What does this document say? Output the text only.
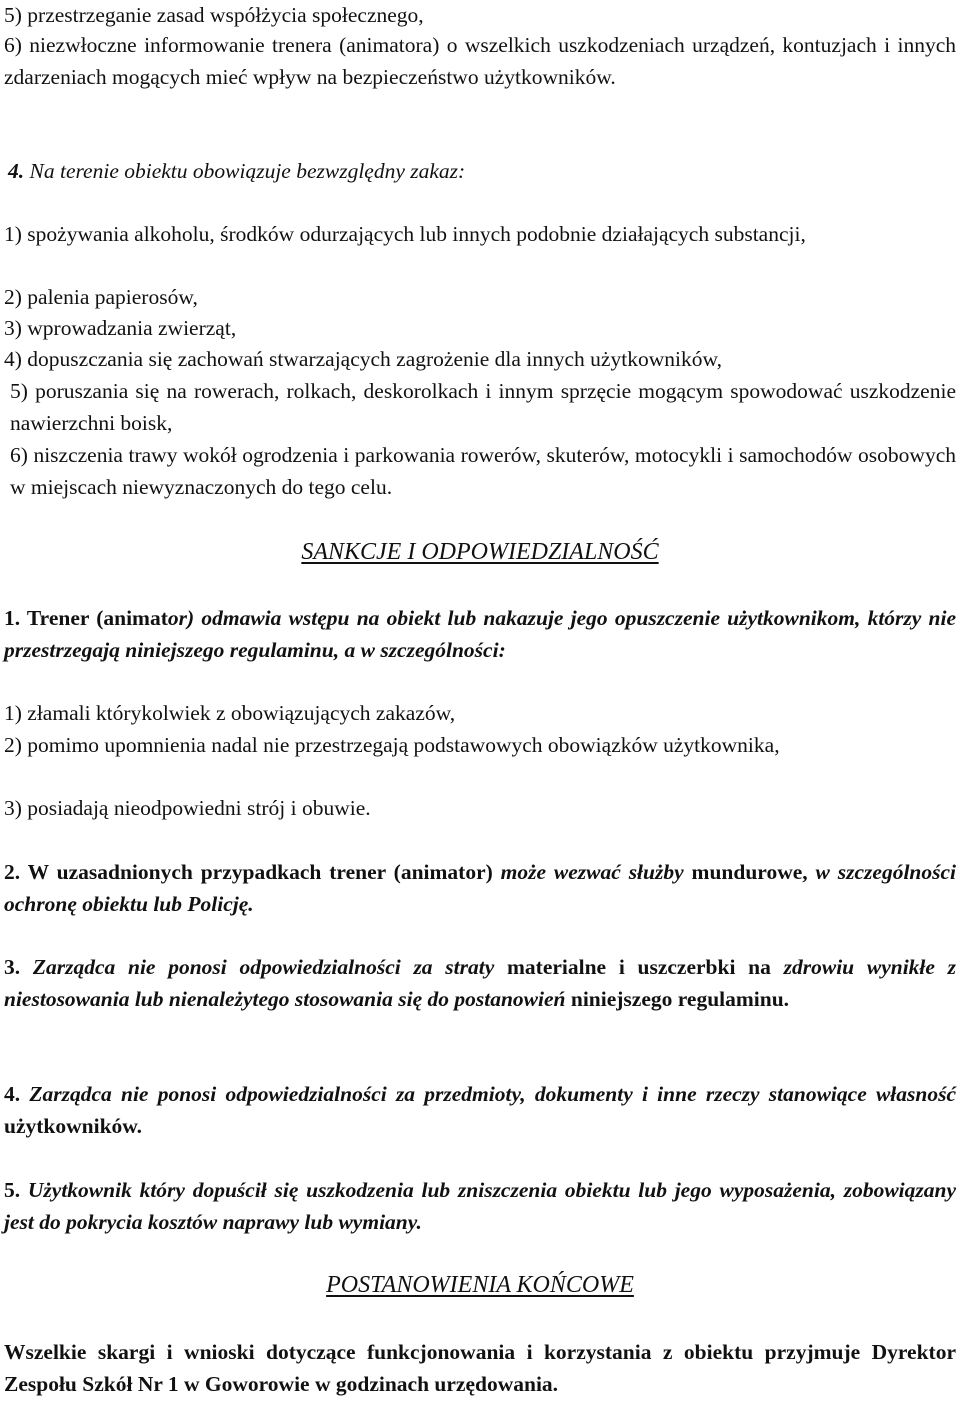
5) przestrzeganie zasad współżycia społecznego,

6) niezwłoczne informowanie trenera (animatora) o wszelkich uszkodzeniach urządzeń, kontuzjach i innych zdarzeniach mogących mieć wpływ na bezpieczeństwo użytkowników.

4. Na terenie obiektu obowiązuje bezwzględny zakaz:

1) spożywania alkoholu, środków odurzających lub innych podobnie działających substancji,

2) palenia papierosów,

3) wprowadzania zwierząt,

4) dopuszczania się zachowań stwarzających zagrożenie dla innych użytkowników,

5) poruszania się na rowerach, rolkach, deskorolkach i innym sprzęcie mogącym spowodować uszkodzenie nawierzchni boisk,

6) niszczenia trawy wokół ogrodzenia i parkowania rowerów, skuterów, motocykli i samochodów osobowych w miejscach niewyznaczonych do tego celu.

SANKCJE I ODPOWIEDZIALNOŚĆ

1. Trener (animator) odmawia wstępu na obiekt lub nakazuje jego opuszczenie użytkownikom, którzy nie przestrzegają niniejszego regulaminu, a w szczególności:

1) złamali którykolwiek z obowiązujących zakazów,

2) pomimo upomnienia nadal nie przestrzegają podstawowych obowiązków użytkownika,

3) posiadają nieodpowiedni strój i obuwie.

2. W uzasadnionych przypadkach trener (animator) może wezwać służby mundurowe, w szczególności ochronę obiektu lub Policję.

3. Zarządca nie ponosi odpowiedzialności za straty materialne i uszczerbki na zdrowiu wynikłe z niestosowania lub nienależytego stosowania się do postanowień niniejszego regulaminu.

4. Zarządca nie ponosi odpowiedzialności za przedmioty, dokumenty i inne rzeczy stanowiące własność użytkowników.

5. Użytkownik który dopuścił się uszkodzenia lub zniszczenia obiektu lub jego wyposażenia, zobowiązany jest do pokrycia kosztów naprawy lub wymiany.

POSTANOWIENIA KOŃCOWE

Wszelkie skargi i wnioski dotyczące funkcjonowania i korzystania z obiektu przyjmuje Dyrektor Zespołu Szkół Nr 1 w Goworowie w godzinach urzędowania.
